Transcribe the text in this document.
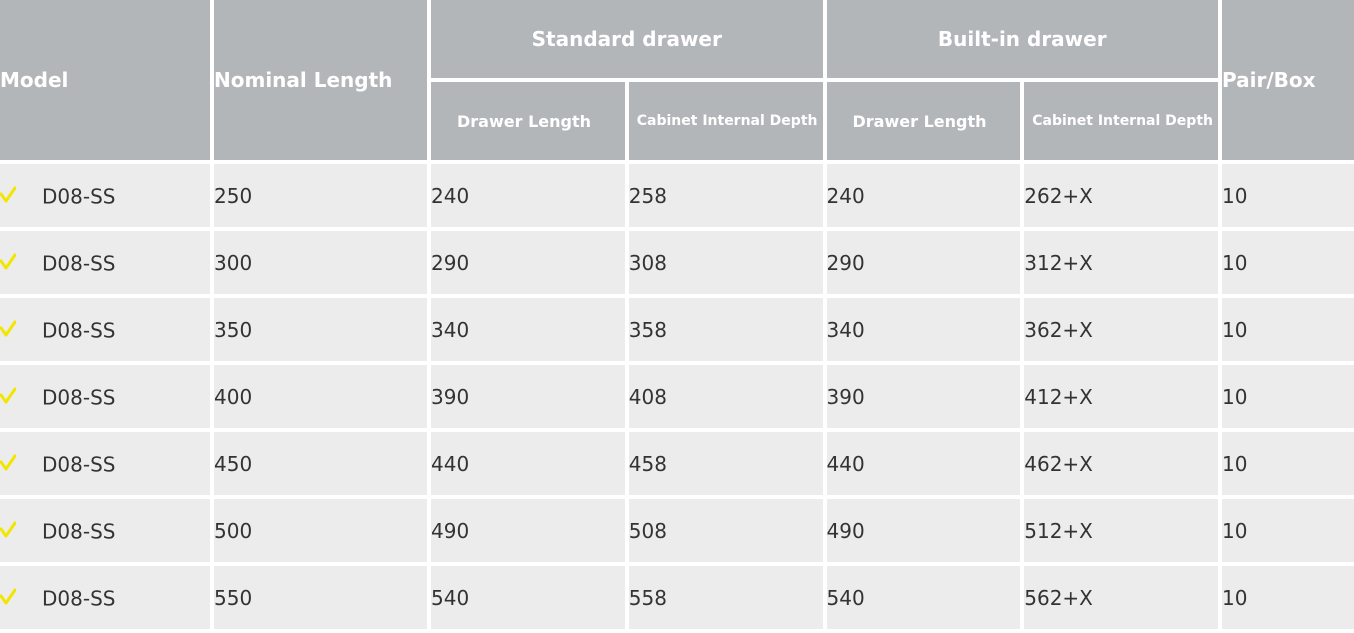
Model	Nominal Length	Standard drawer		Built-in drawer		Pair/Box
		Drawer Length	Cabinet Internal Depth	Drawer Length	Cabinet Internal Depth	
D08-SS	250	240	258	240	262+X	10
D08-SS	300	290	308	290	312+X	10
D08-SS	350	340	358	340	362+X	10
D08-SS	400	390	408	390	412+X	10
D08-SS	450	440	458	440	462+X	10
D08-SS	500	490	508	490	512+X	10
D08-SS	550	540	558	540	562+X	10
